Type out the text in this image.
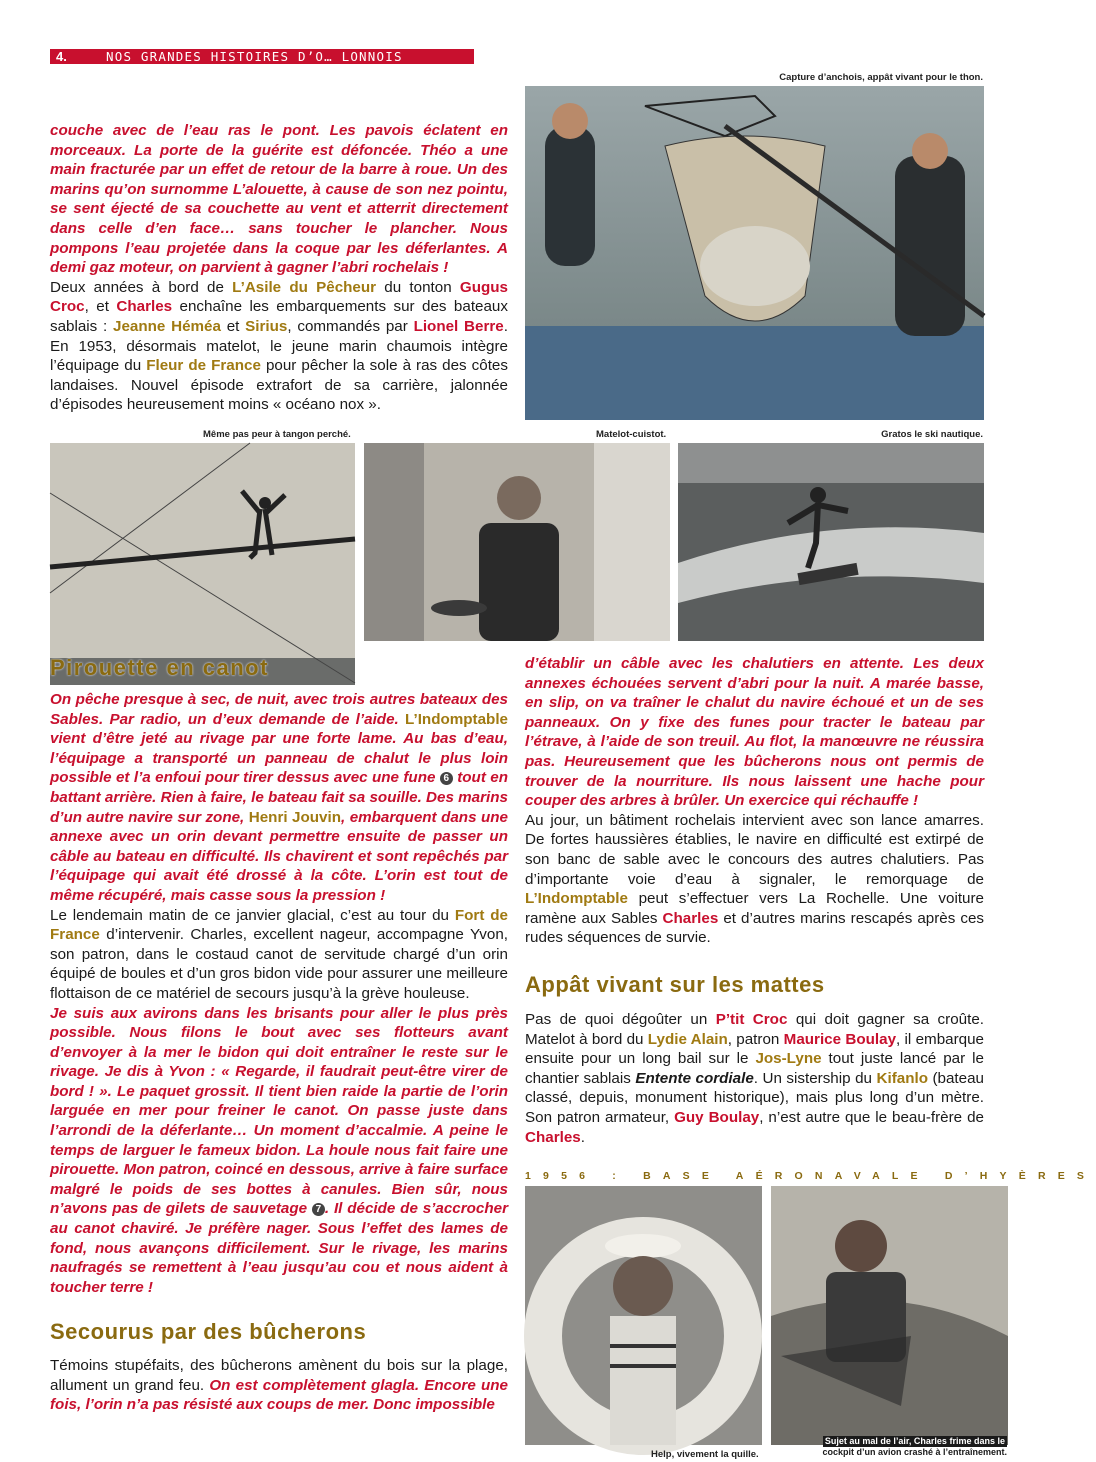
4.	NOS GRANDES HISTOIRES D’O… LONNOIS
Capture d’anchois, appât vivant pour le thon.

couche avec de l’eau ras le pont. Les pavois éclatent en morceaux. La porte de la guérite est défoncée. Théo a une main fracturée par un effet de retour de la barre à roue. Un des marins qu’on surnomme L’alouette, à cause de son nez pointu, se sent éjecté de sa couchette au vent et atterrit directement dans celle d’en face… sans toucher le plancher. Nous pompons l’eau projetée dans la coque par les déferlantes. A demi gaz moteur, on parvient à gagner l’abri rochelais !

Deux années à bord de L’Asile du Pêcheur du tonton Gugus Croc, et Charles enchaîne les embarquements sur des bateaux sablais : Jeanne Héméa et Sirius, commandés par Lionel Berre. En 1953, désormais matelot, le jeune marin chaumois intègre l’équipage du Fleur de France pour pêcher la sole à ras des côtes landaises. Nouvel épisode extrafort de sa carrière, jalonnée d’épisodes heureusement moins « océano nox ».

Même pas peur à tangon perché.	Matelot-cuistot.	Gratos le ski nautique.
Pirouette en canot

On pêche presque à sec, de nuit, avec trois autres bateaux des Sables. Par radio, un d’eux demande de l’aide. L’Indomptable vient d’être jeté au rivage par une forte lame. Au bas d’eau, l’équipage a transporté un panneau de chalut le plus loin possible et l’a enfoui pour tirer dessus avec une fune 6 tout en battant arrière. Rien à faire, le bateau fait sa souille. Des marins d’un autre navire sur zone, Henri Jouvin, embarquent dans une annexe avec un orin devant permettre ensuite de passer un câble au bateau en difficulté. Ils chavirent et sont repêchés par l’équipage qui avait été drossé à la côte. L’orin est tout de même récupéré, mais casse sous la pression !

Le lendemain matin de ce janvier glacial, c’est au tour du Fort de France d’intervenir. Charles, excellent nageur, accompagne Yvon, son patron, dans le costaud canot de servitude chargé d’un orin équipé de boules et d’un gros bidon vide pour assurer une meilleure flottaison de ce matériel de secours jusqu’à la grève houleuse.

Je suis aux avirons dans les brisants pour aller le plus près possible. Nous filons le bout avec ses flotteurs avant d’envoyer à la mer le bidon qui doit entraîner le reste sur le rivage. Je dis à Yvon : « Regarde, il faudrait peut-être virer de bord ! ». Le paquet grossit. Il tient bien raide la partie de l’orin larguée en mer pour freiner le canot. On passe juste dans l’arrondi de la déferlante… Un moment d’accalmie. A peine le temps de larguer le fameux bidon. La houle nous fait faire une pirouette. Mon patron, coincé en dessous, arrive à faire surface malgré le poids de ses bottes à canules. Bien sûr, nous n’avons pas de gilets de sauvetage 7 . Il décide de s’accrocher au canot chaviré. Je préfère nager. Sous l’effet des lames de fond, nous avançons difficilement. Sur le rivage, les marins naufragés se remettent à l’eau jusqu’au cou et nous aident à toucher terre !

Secourus par des bûcherons

Témoins stupéfaits, des bûcherons amènent du bois sur la plage, allument un grand feu. On est complètement glagla. Encore une fois, l’orin n’a pas résisté aux coups de mer. Donc impossible

d’établir un câble avec les chalutiers en attente. Les deux annexes échouées servent d’abri pour la nuit. A marée basse, en slip, on va traîner le chalut du navire échoué et un de ses panneaux. On y fixe des funes pour tracter le bateau par l’étrave, à l’aide de son treuil. Au flot, la manœuvre ne réussira pas. Heureusement que les bûcherons nous ont permis de trouver de la nourriture. Ils nous laissent une hache pour couper des arbres à brûler. Un exercice qui réchauffe !

Au jour, un bâtiment rochelais intervient avec son lance amarres. De fortes haussières établies, le navire en difficulté est extirpé de son banc de sable avec le concours des autres chalutiers. Pas d’importante voie d’eau à signaler, le remorquage de L’Indomptable peut s’effectuer vers La Rochelle. Une voiture ramène aux Sables Charles et d’autres marins rescapés après ces rudes séquences de survie.

Appât vivant sur les mattes

Pas de quoi dégoûter un P’tit Croc qui doit gagner sa croûte. Matelot à bord du Lydie Alain, patron Maurice Boulay, il embarque ensuite pour un long bail sur le Jos-Lyne tout juste lancé par le chantier sablais Entente cordiale. Un sistership du Kifanlo (bateau classé, depuis, monument historique), mais plus long d’un mètre. Son patron armateur, Guy Boulay, n’est autre que le beau-frère de Charles.

1956 : BASE AÉRONAVALE D’HYÈRES
Help, vivement la quille.
Sujet au mal de l’air, Charles frime dans le
cockpit d’un avion crashé à l’entraînement.
